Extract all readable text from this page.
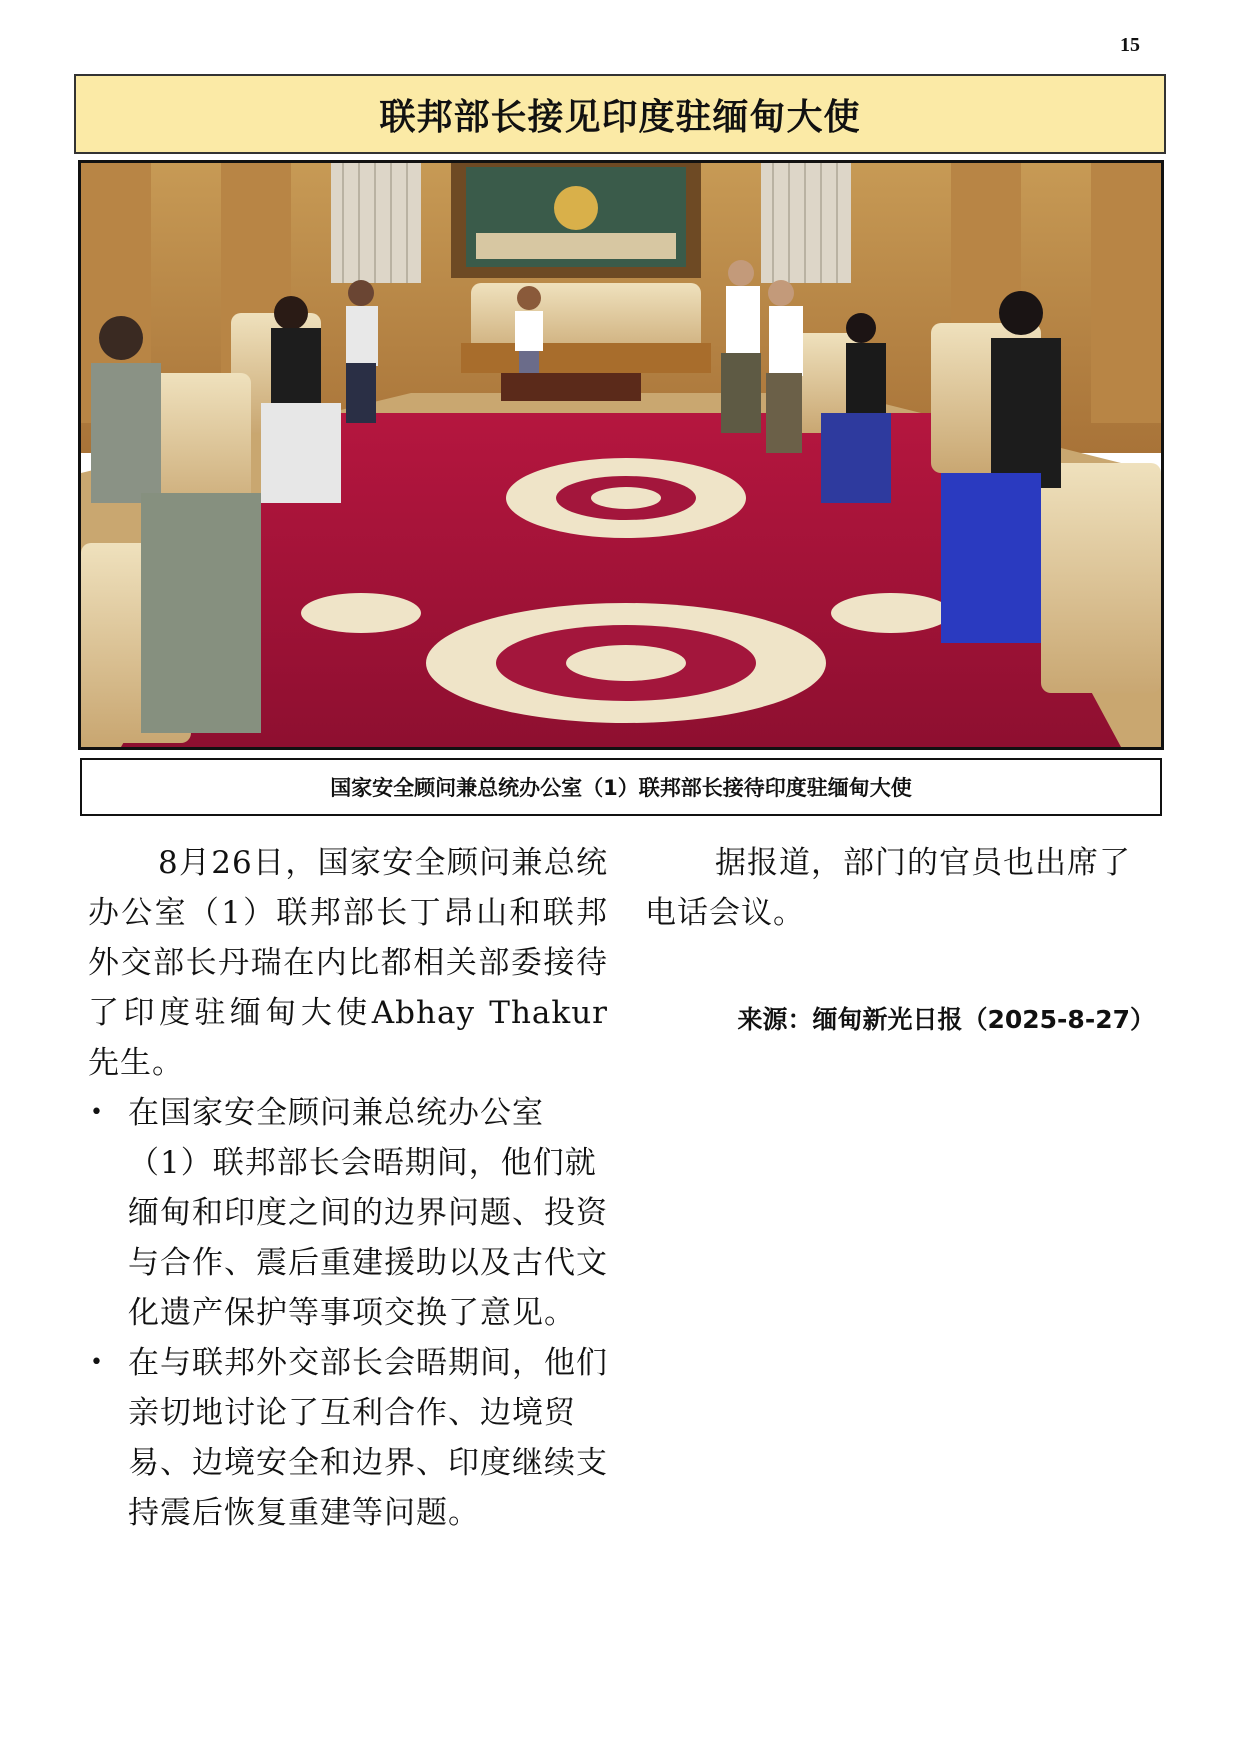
15
联邦部长接见印度驻缅甸大使
国家安全顾问兼总统办公室（1）联邦部长接待印度驻缅甸大使

8月26日，国家安全顾问兼总统办公室（1）联邦部长丁昂山和联邦外交部长丹瑞在内比都相关部委接待了印度驻缅甸大使Abhay Thakur先生。

• 在国家安全顾问兼总统办公室（1）联邦部长会晤期间，他们就缅甸和印度之间的边界问题、投资与合作、震后重建援助以及古代文化遗产保护等事项交换了意见。
• 在与联邦外交部长会晤期间，他们亲切地讨论了互利合作、边境贸易、边境安全和边界、印度继续支持震后恢复重建等问题。

据报道，部门的官员也出席了电话会议。

来源：缅甸新光日报（2025-8-27）
